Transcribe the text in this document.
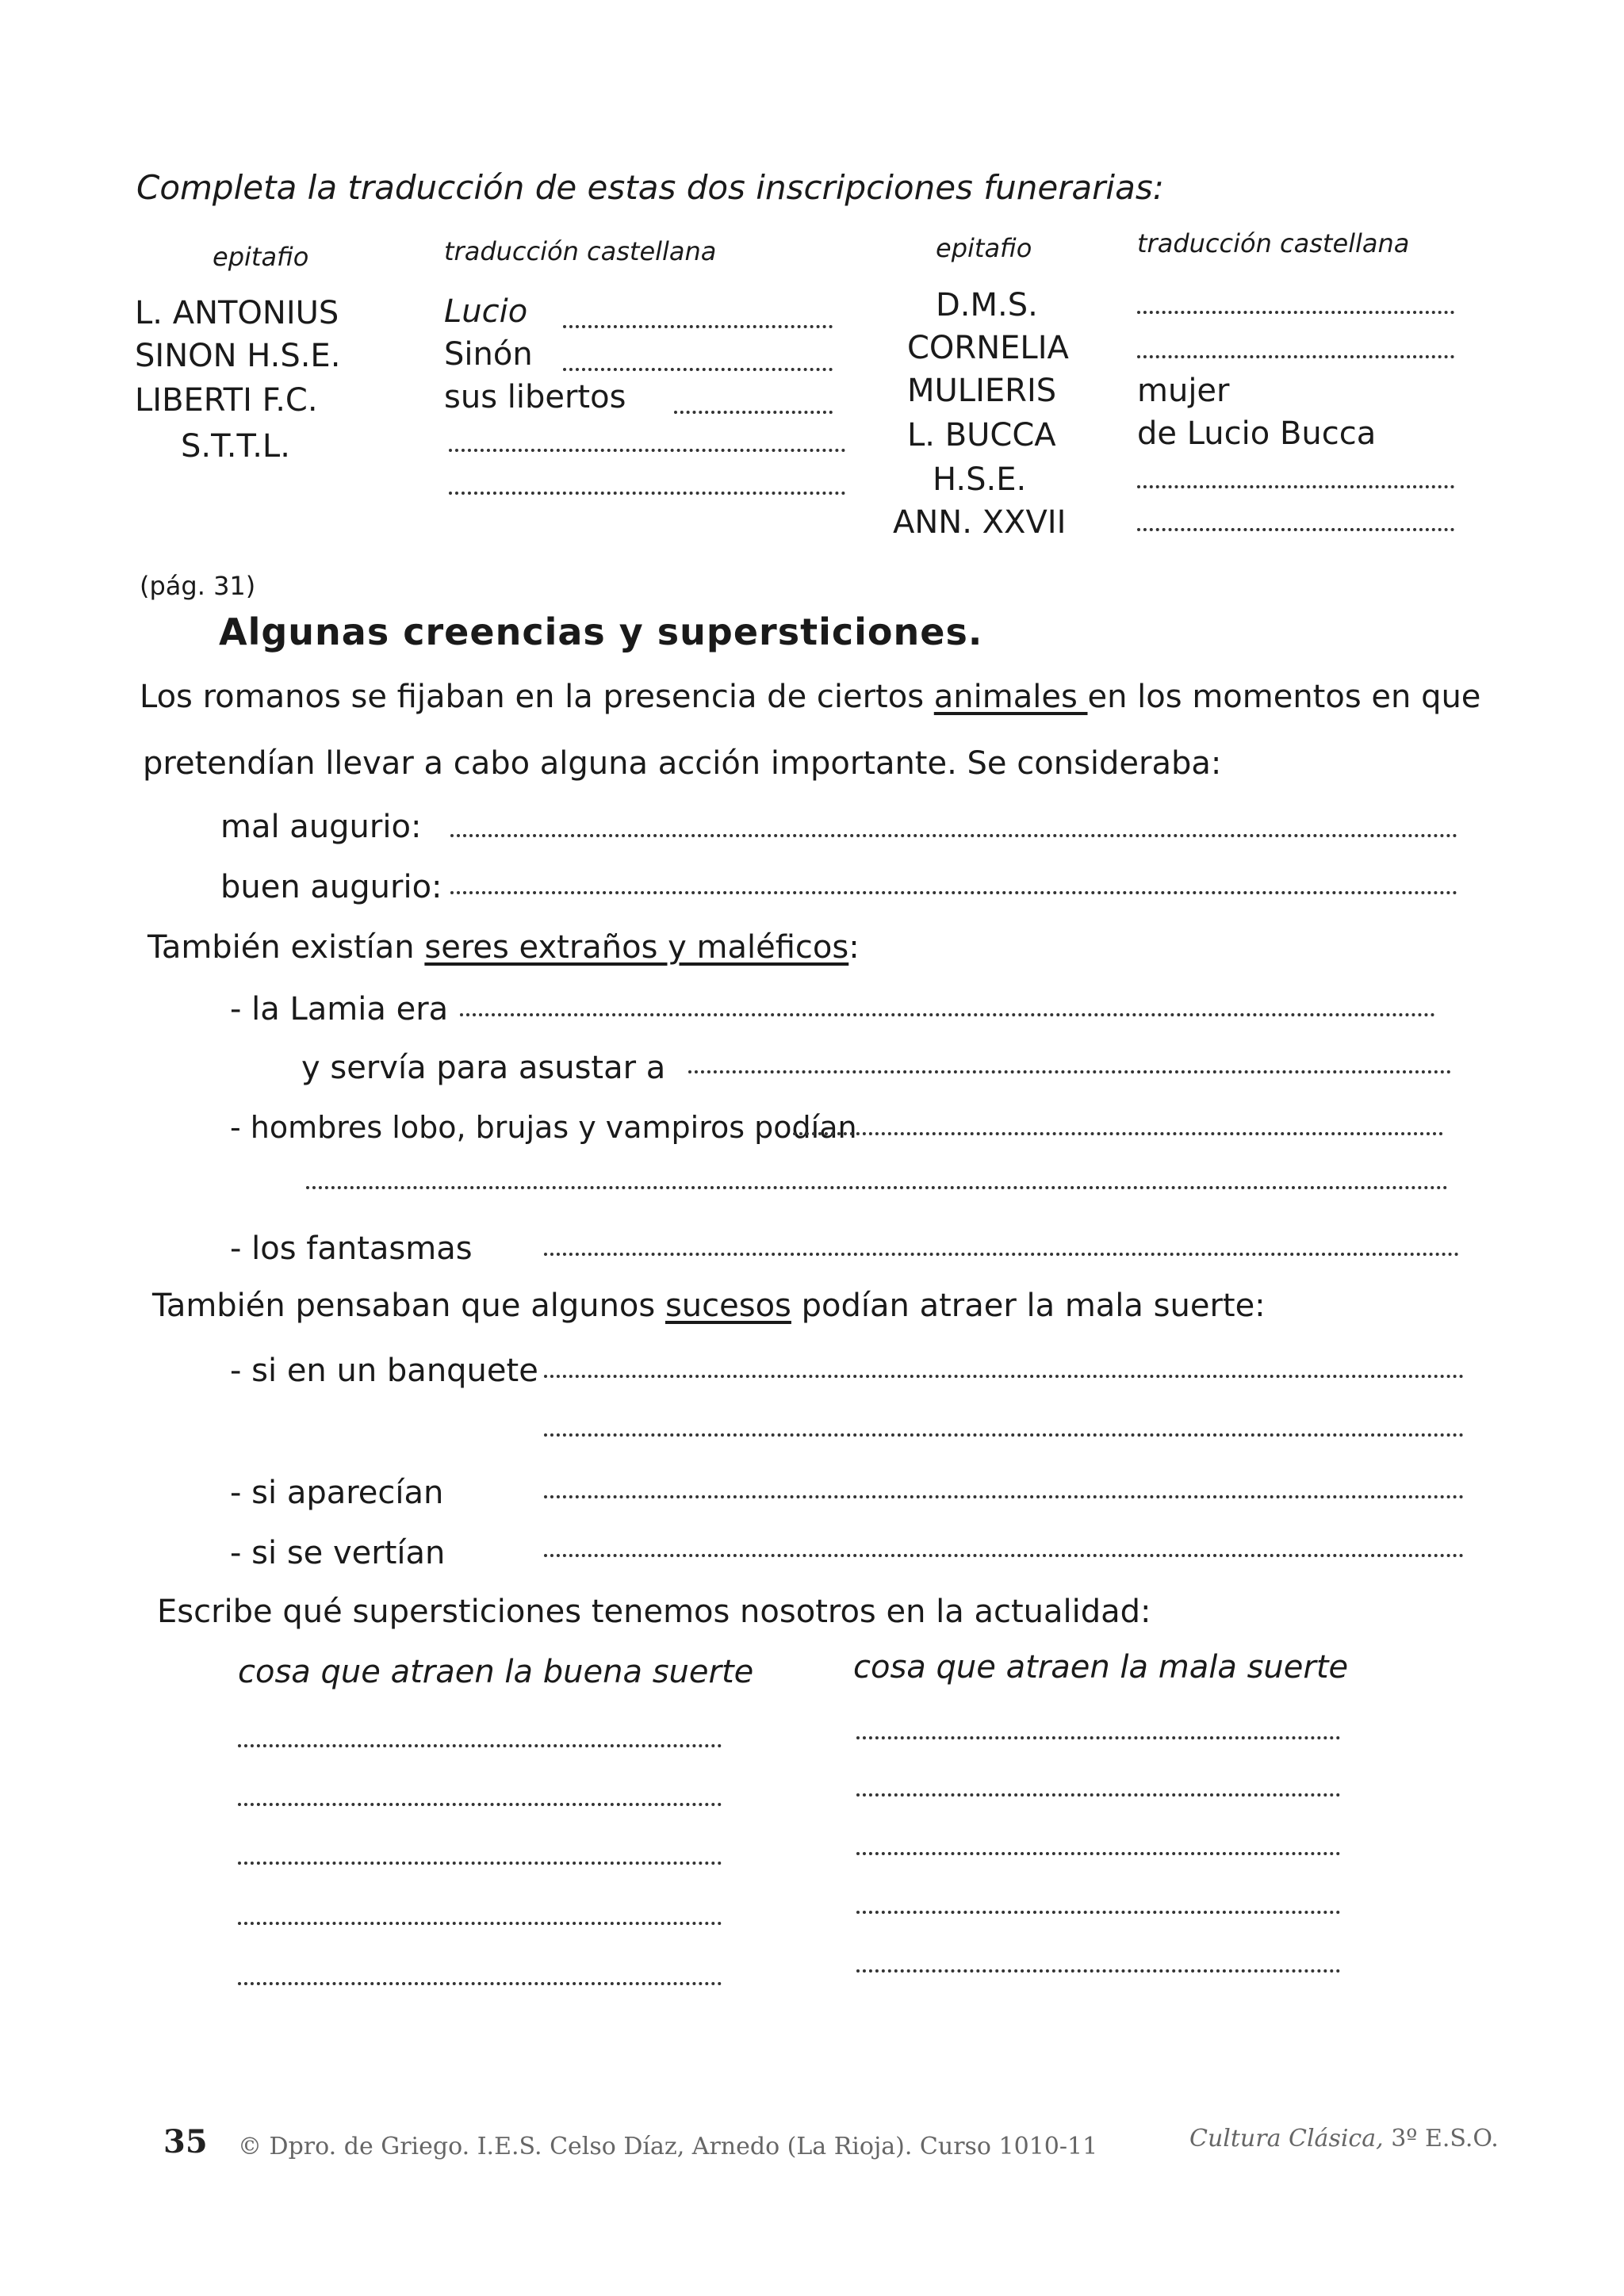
Completa la traducción de estas dos inscripciones funerarias:
epitafio	traducción castellana
L. ANTONIUS	Lucio
SINON H.S.E.	Sinón
LIBERTI F.C.	sus libertos
S.T.T.L.
epitafio	traducción castellana
D.M.S.
CORNELIA
MULIERIS	mujer
L. BUCCA	de Lucio Bucca
H.S.E.
ANN. XXVII
(pág. 31)
Algunas creencias y supersticiones.
Los romanos se fijaban en la presencia de ciertos animales en los momentos en que
pretendían llevar a cabo alguna acción importante. Se consideraba:
mal augurio:
buen augurio:
También existían seres extraños y maléficos:
- la Lamia era
y servía para asustar a
- hombres lobo, brujas y vampiros podían
- los fantasmas
También pensaban que algunos sucesos podían atraer la mala suerte:
- si en un banquete
- si aparecían
- si se vertían
Escribe qué supersticiones tenemos nosotros en la actualidad:
cosa que atraen la buena suerte	cosa que atraen la mala suerte
35 © Dpro. de Griego. I.E.S. Celso Díaz, Arnedo (La Rioja). Curso 1010-11	Cultura Clásica, 3º E.S.O.
